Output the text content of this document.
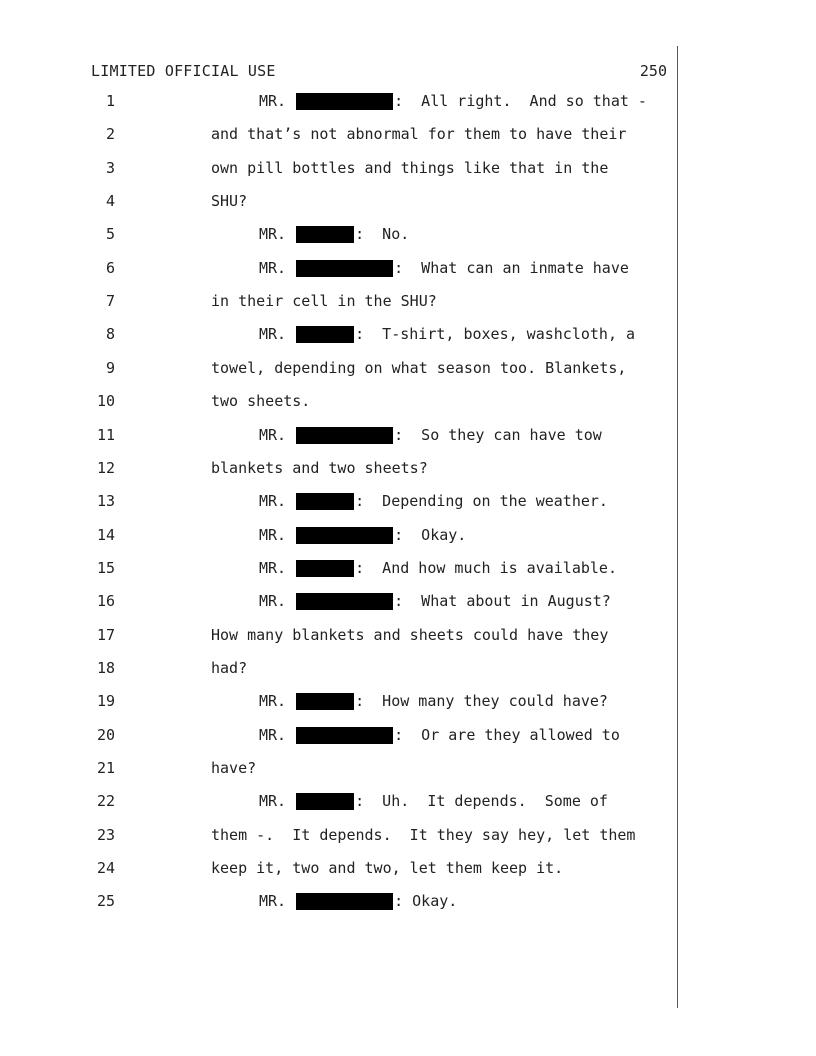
LIMITED OFFICIAL USE	250
1	MR.	:  All right.  And so that -
2	and that’s not abnormal for them to have their
3	own pill bottles and things like that in the
4	SHU?
5	MR.	:  No.
6	MR.	:  What can an inmate have
7	in their cell in the SHU?
8	MR.	:  T-shirt, boxes, washcloth, a
9	towel, depending on what season too. Blankets,
10	two sheets.
11	MR.	:  So they can have tow
12	blankets and two sheets?
13	MR.	:  Depending on the weather.
14	MR.	:  Okay.
15	MR.	:  And how much is available.
16	MR.	:  What about in August?
17	How many blankets and sheets could have they
18	had?
19	MR.	:  How many they could have?
20	MR.	:  Or are they allowed to
21	have?
22	MR.	:  Uh.  It depends.  Some of
23	them -.  It depends.  It they say hey, let them
24	keep it, two and two, let them keep it.
25	MR.	: Okay.
